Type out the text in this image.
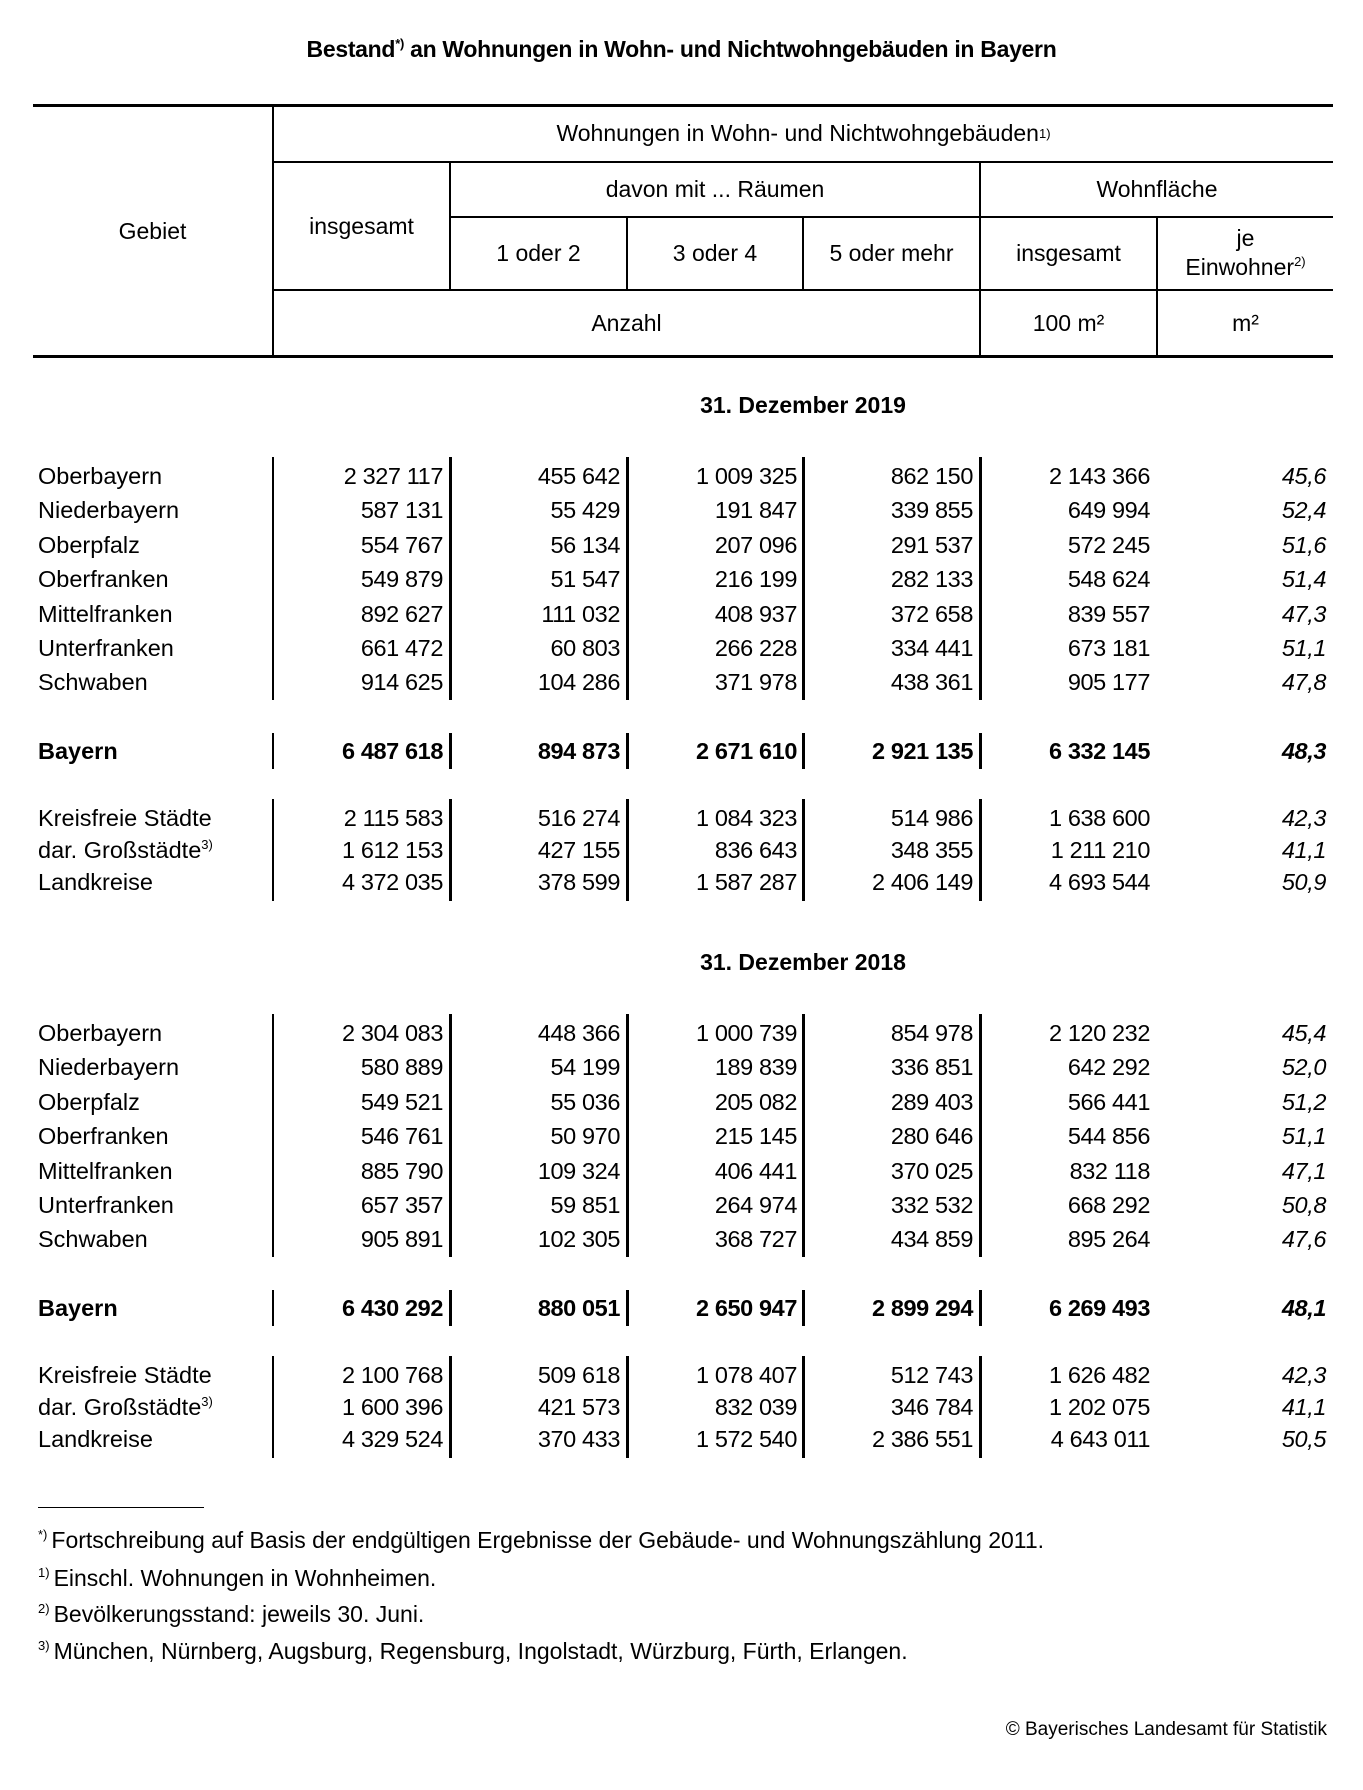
Bestand*) an Wohnungen in Wohn- und Nichtwohngebäuden in Bayern
Gebiet
Wohnungen in Wohn- und Nichtwohngebäuden 1)
insgesamt
davon mit ... Räumen
1 oder 2	3 oder 4	5 oder mehr
Wohnfläche
insgesamt
je
Einwohner$^{2)}$
Anzahl	100 m²	m²
31. Dezember 2019
Oberbayern	2 327 117	455 642	1 009 325	862 150	2 143 366	45,6
Niederbayern	587 131	55 429	191 847	339 855	649 994	52,4
Oberpfalz	554 767	56 134	207 096	291 537	572 245	51,6
Oberfranken	549 879	51 547	216 199	282 133	548 624	51,4
Mittelfranken	892 627	111 032	408 937	372 658	839 557	47,3
Unterfranken	661 472	60 803	266 228	334 441	673 181	51,1
Schwaben	914 625	104 286	371 978	438 361	905 177	47,8
Bayern	6 487 618	894 873	2 671 610	2 921 135	6 332 145	48,3
Kreisfreie Städte	2 115 583	516 274	1 084 323	514 986	1 638 600	42,3
dar. Großstädte$^{3)}$	1 612 153	427 155	836 643	348 355	1 211 210	41,1
Landkreise	4 372 035	378 599	1 587 287	2 406 149	4 693 544	50,9
31. Dezember 2018
Oberbayern	2 304 083	448 366	1 000 739	854 978	2 120 232	45,4
Niederbayern	580 889	54 199	189 839	336 851	642 292	52,0
Oberpfalz	549 521	55 036	205 082	289 403	566 441	51,2
Oberfranken	546 761	50 970	215 145	280 646	544 856	51,1
Mittelfranken	885 790	109 324	406 441	370 025	832 118	47,1
Unterfranken	657 357	59 851	264 974	332 532	668 292	50,8
Schwaben	905 891	102 305	368 727	434 859	895 264	47,6
Bayern	6 430 292	880 051	2 650 947	2 899 294	6 269 493	48,1
Kreisfreie Städte	2 100 768	509 618	1 078 407	512 743	1 626 482	42,3
dar. Großstädte$^{3)}$	1 600 396	421 573	832 039	346 784	1 202 075	41,1
Landkreise	4 329 524	370 433	1 572 540	2 386 551	4 643 011	50,5
*) Fortschreibung auf Basis der endgültigen Ergebnisse der Gebäude- und Wohnungszählung 2011.
$^{1)}$ Einschl. Wohnungen in Wohnheimen.
$^{2)}$ Bevölkerungsstand: jeweils 30. Juni.
$^{3)}$ München, Nürnberg, Augsburg, Regensburg, Ingolstadt, Würzburg, Fürth, Erlangen.
© Bayerisches Landesamt für Statistik
